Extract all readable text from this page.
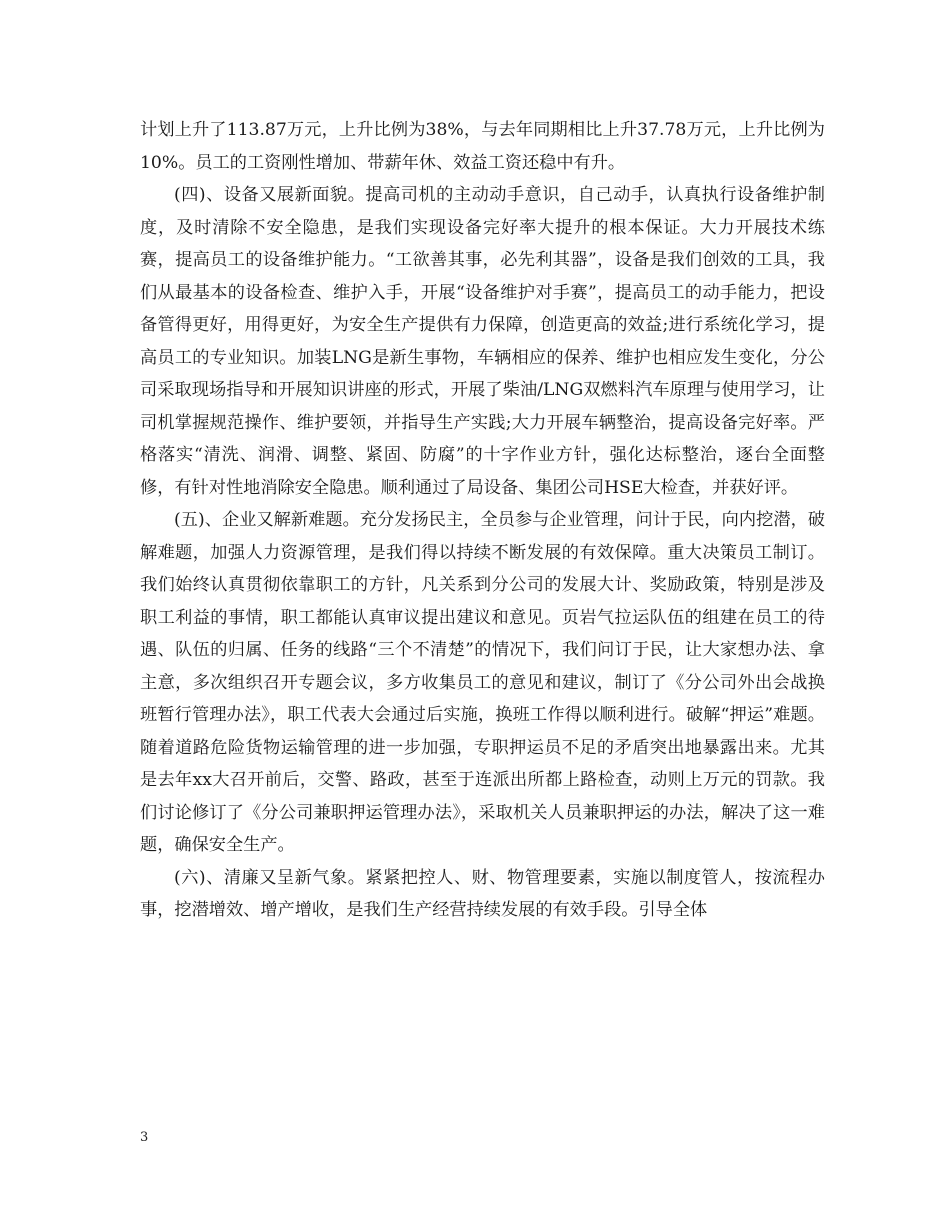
计划上升了113.87万元，上升比例为38%，与去年同期相比上升37.78万元，上升比例为10%。员工的工资刚性增加、带薪年休、效益工资还稳中有升。

(四)、设备又展新面貌。提高司机的主动动手意识，自己动手，认真执行设备维护制度，及时清除不安全隐患，是我们实现设备完好率大提升的根本保证。大力开展技术练赛，提高员工的设备维护能力。“工欲善其事，必先利其器”，设备是我们创效的工具，我们从最基本的设备检查、维护入手，开展“设备维护对手赛”，提高员工的动手能力，把设备管得更好，用得更好，为安全生产提供有力保障，创造更高的效益;进行系统化学习，提高员工的专业知识。加装LNG是新生事物，车辆相应的保养、维护也相应发生变化，分公司采取现场指导和开展知识讲座的形式，开展了柴油/LNG双燃料汽车原理与使用学习，让司机掌握规范操作、维护要领，并指导生产实践;大力开展车辆整治，提高设备完好率。严格落实“清洗、润滑、调整、紧固、防腐”的十字作业方针，强化达标整治，逐台全面整修，有针对性地消除安全隐患。顺利通过了局设备、集团公司HSE大检查，并获好评。

(五)、企业又解新难题。充分发扬民主，全员参与企业管理，问计于民，向内挖潜，破解难题，加强人力资源管理，是我们得以持续不断发展的有效保障。重大决策员工制订。我们始终认真贯彻依靠职工的方针，凡关系到分公司的发展大计、奖励政策，特别是涉及职工利益的事情，职工都能认真审议提出建议和意见。页岩气拉运队伍的组建在员工的待遇、队伍的归属、任务的线路“三个不清楚”的情况下，我们问订于民，让大家想办法、拿主意，多次组织召开专题会议，多方收集员工的意见和建议，制订了《分公司外出会战换班暂行管理办法》，职工代表大会通过后实施，换班工作得以顺利进行。破解“押运”难题。随着道路危险货物运输管理的进一步加强，专职押运员不足的矛盾突出地暴露出来。尤其是去年xx大召开前后，交警、路政，甚至于连派出所都上路检查，动则上万元的罚款。我们讨论修订了《分公司兼职押运管理办法》，采取机关人员兼职押运的办法，解决了这一难题，确保安全生产。

(六)、清廉又呈新气象。紧紧把控人、财、物管理要素，实施以制度管人，按流程办事，挖潜增效、增产增收，是我们生产经营持续发展的有效手段。引导全体

3
